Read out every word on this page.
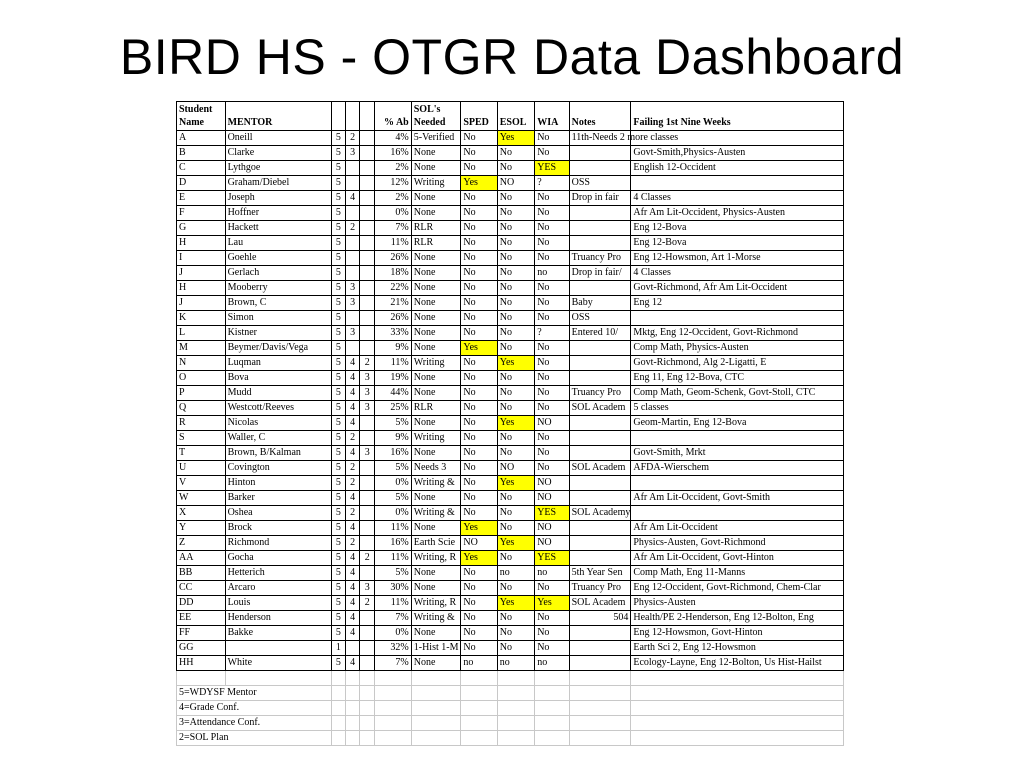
BIRD HS - OTGR Data Dashboard
Student Name	MENTOR				% Ab	SOL's Needed	SPED	ESOL	WIA	Notes	Failing 1st Nine Weeks
A	Oneill	5	2		4%	5-Verified	No	Yes	No	11th-Needs 2 more classes	
B	Clarke	5	3		16%	None	No	No	No		Govt-Smith,Physics-Austen
C	Lythgoe	5			2%	None	No	No	YES		English 12-Occident
D	Graham/Diebel	5			12%	Writing	Yes	NO	?	OSS	
E	Joseph	5	4		2%	None	No	No	No	Drop in fair	4 Classes
F	Hoffner	5			0%	None	No	No	No		Afr Am Lit-Occident, Physics-Austen
G	Hackett	5	2		7%	RLR	No	No	No		Eng 12-Bova
H	Lau	5			11%	RLR	No	No	No		Eng 12-Bova
I	Goehle	5			26%	None	No	No	No	Truancy Pro	Eng 12-Howsmon, Art 1-Morse
J	Gerlach	5			18%	None	No	No	no	Drop in fair/	4 Classes
H	Mooberry	5	3		22%	None	No	No	No		Govt-Richmond, Afr Am Lit-Occident
J	Brown, C	5	3		21%	None	No	No	No	Baby	Eng 12
K	Simon	5			26%	None	No	No	No	OSS	
L	Kistner	5	3		33%	None	No	No	?	Entered 10/	Mktg, Eng 12-Occident, Govt-Richmond
M	Beymer/Davis/Vega	5			9%	None	Yes	No	No		Comp Math, Physics-Austen
N	Luqman	5	4	2	11%	Writing	No	Yes	No		Govt-Richmond, Alg 2-Ligatti, E
O	Bova	5	4	3	19%	None	No	No	No		Eng 11, Eng 12-Bova, CTC
P	Mudd	5	4	3	44%	None	No	No	No	Truancy Pro	Comp Math, Geom-Schenk, Govt-Stoll, CTC
Q	Westcott/Reeves	5	4	3	25%	RLR	No	No	No	SOL Academ	5 classes
R	Nicolas	5	4		5%	None	No	Yes	NO		Geom-Martin, Eng 12-Bova
S	Waller, C	5	2		9%	Writing	No	No	No		
T	Brown, B/Kalman	5	4	3	16%	None	No	No	No		Govt-Smith, Mrkt
U	Covington	5	2		5%	Needs 3	No	NO	No	SOL Academ	AFDA-Wierschem
V	Hinton	5	2		0%	Writing &	No	Yes	NO		
W	Barker	5	4		5%	None	No	No	NO		Afr Am Lit-Occident, Govt-Smith
X	Oshea	5	2		0%	Writing &	No	No	YES	SOL Academy	
Y	Brock	5	4		11%	None	Yes	No	NO		Afr Am Lit-Occident
Z	Richmond	5	2		16%	Earth Scie	NO	Yes	NO		Physics-Austen, Govt-Richmond
AA	Gocha	5	4	2	11%	Writing, R	Yes	No	YES		Afr Am Lit-Occident, Govt-Hinton
BB	Hetterich	5	4		5%	None	No	no	no	5th Year Sen	Comp Math, Eng 11-Manns
CC	Arcaro	5	4	3	30%	None	No	No	No	Truancy Pro	Eng 12-Occident, Govt-Richmond, Chem-Clar
DD	Louis	5	4	2	11%	Writing, R	No	Yes	Yes	SOL Academ	Physics-Austen
EE	Henderson	5	4		7%	Writing &	No	No	No	504	Health/PE 2-Henderson, Eng 12-Bolton, Eng
FF	Bakke	5	4		0%	None	No	No	No		Eng 12-Howsmon, Govt-Hinton
GG		1			32%	1-Hist 1-M	No	No	No		Earth Sci 2, Eng 12-Howsmon
HH	White	5	4		7%	None	no	no	no		Ecology-Layne, Eng 12-Bolton, Us Hist-Hailst

5=WDYSF Mentor											
4=Grade Conf.											
3=Attendance Conf.											
2=SOL Plan											
